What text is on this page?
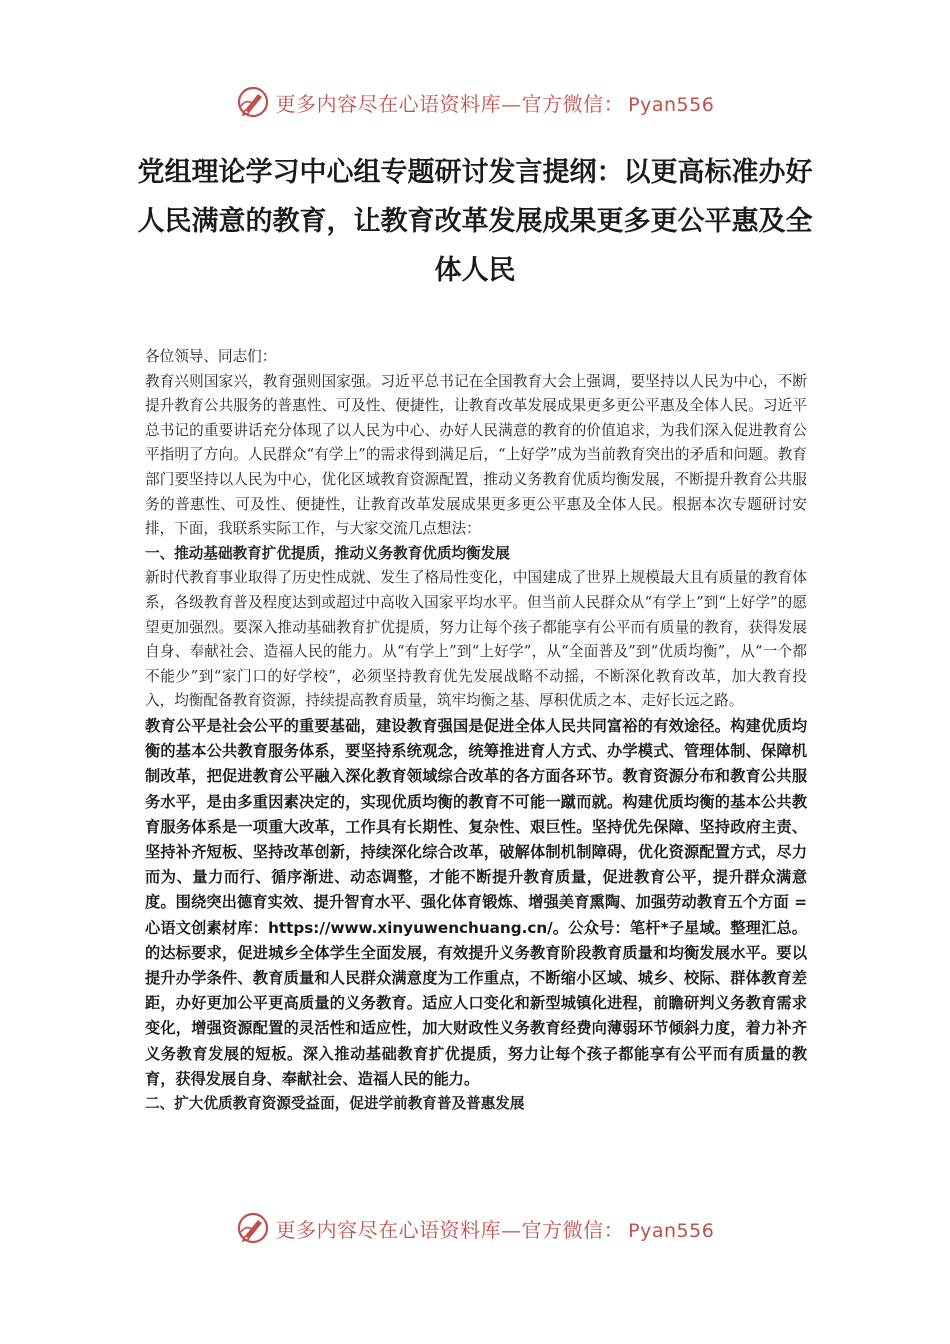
更多内容尽在心语资料库—官方微信： Pyan556
党组理论学习中心组专题研讨发言提纲：以更高标准办好人民满意的教育，让教育改革发展成果更多更公平惠及全体人民

各位领导、同志们：

教育兴则国家兴，教育强则国家强。习近平总书记在全国教育大会上强调，要坚持以人民为中心，不断提升教育公共服务的普惠性、可及性、便捷性，让教育改革发展成果更多更公平惠及全体人民。习近平总书记的重要讲话充分体现了以人民为中心、办好人民满意的教育的价值追求，为我们深入促进教育公平指明了方向。人民群众“有学上”的需求得到满足后，“上好学”成为当前教育突出的矛盾和问题。教育部门要坚持以人民为中心，优化区域教育资源配置，推动义务教育优质均衡发展，不断提升教育公共服务的普惠性、可及性、便捷性，让教育改革发展成果更多更公平惠及全体人民。根据本次专题研讨安排，下面，我联系实际工作，与大家交流几点想法：

一、推动基础教育扩优提质，推动义务教育优质均衡发展

新时代教育事业取得了历史性成就、发生了格局性变化，中国建成了世界上规模最大且有质量的教育体系，各级教育普及程度达到或超过中高收入国家平均水平。但当前人民群众从“有学上”到“上好学”的愿望更加强烈。要深入推动基础教育扩优提质，努力让每个孩子都能享有公平而有质量的教育，获得发展自身、奉献社会、造福人民的能力。从“有学上”到“上好学”，从“全面普及”到“优质均衡”，从“一个都不能少”到“家门口的好学校”，必须坚持教育优先发展战略不动摇，不断深化教育改革，加大教育投入，均衡配备教育资源，持续提高教育质量，筑牢均衡之基、厚积优质之本、走好长远之路。

教育公平是社会公平的重要基础，建设教育强国是促进全体人民共同富裕的有效途径。构建优质均衡的基本公共教育服务体系，要坚持系统观念，统筹推进育人方式、办学模式、管理体制、保障机制改革，把促进教育公平融入深化教育领域综合改革的各方面各环节。教育资源分布和教育公共服务水平，是由多重因素决定的，实现优质均衡的教育不可能一蹴而就。构建优质均衡的基本公共教育服务体系是一项重大改革，工作具有长期性、复杂性、艰巨性。坚持优先保障、坚持政府主责、坚持补齐短板、坚持改革创新，持续深化综合改革，破解体制机制障碍，优化资源配置方式，尽力而为、量力而行、循序渐进、动态调整，才能不断提升教育质量，促进教育公平，提升群众满意度。围绕突出德育实效、提升智育水平、强化体育锻炼、增强美育熏陶、加强劳动教育五个方面 =心语文创素材库：https://www.xinyuwenchuang.cn/。公众号：笔杆*子星域。整理汇总。的达标要求，促进城乡全体学生全面发展，有效提升义务教育阶段教育质量和均衡发展水平。要以提升办学条件、教育质量和人民群众满意度为工作重点，不断缩小区域、城乡、校际、群体教育差距，办好更加公平更高质量的义务教育。适应人口变化和新型城镇化进程，前瞻研判义务教育需求变化，增强资源配置的灵活性和适应性，加大财政性义务教育经费向薄弱环节倾斜力度，着力补齐义务教育发展的短板。深入推动基础教育扩优提质，努力让每个孩子都能享有公平而有质量的教育，获得发展自身、奉献社会、造福人民的能力。

二、扩大优质教育资源受益面，促进学前教育普及普惠发展

更多内容尽在心语资料库—官方微信： Pyan556
